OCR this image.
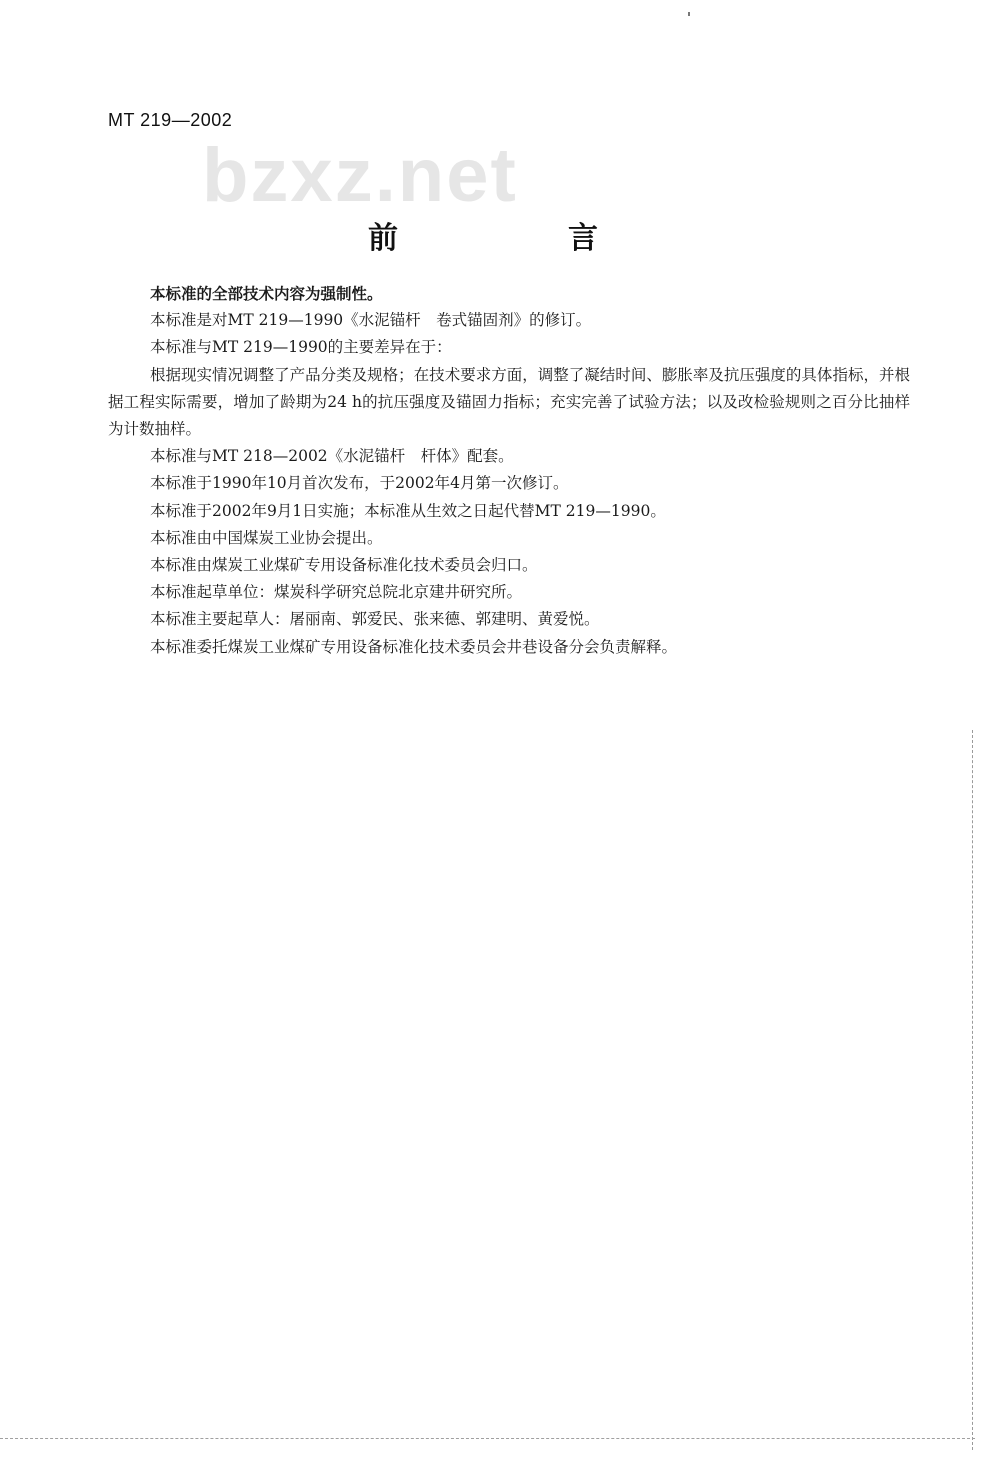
MT 219—2002
bzxz.net
前　言

本标准的全部技术内容为强制性。

本标准是对MT 219—1990《水泥锚杆　卷式锚固剂》的修订。

本标准与MT 219—1990的主要差异在于：

根据现实情况调整了产品分类及规格；在技术要求方面，调整了凝结时间、膨胀率及抗压强度的具体指标，并根据工程实际需要，增加了龄期为24 h的抗压强度及锚固力指标；充实完善了试验方法；以及改检验规则之百分比抽样为计数抽样。

本标准与MT 218—2002《水泥锚杆　杆体》配套。

本标准于1990年10月首次发布，于2002年4月第一次修订。

本标准于2002年9月1日实施；本标准从生效之日起代替MT 219—1990。

本标准由中国煤炭工业协会提出。

本标准由煤炭工业煤矿专用设备标准化技术委员会归口。

本标准起草单位：煤炭科学研究总院北京建井研究所。

本标准主要起草人：屠丽南、郭爱民、张来德、郭建明、黄爱悦。

本标准委托煤炭工业煤矿专用设备标准化技术委员会井巷设备分会负责解释。
